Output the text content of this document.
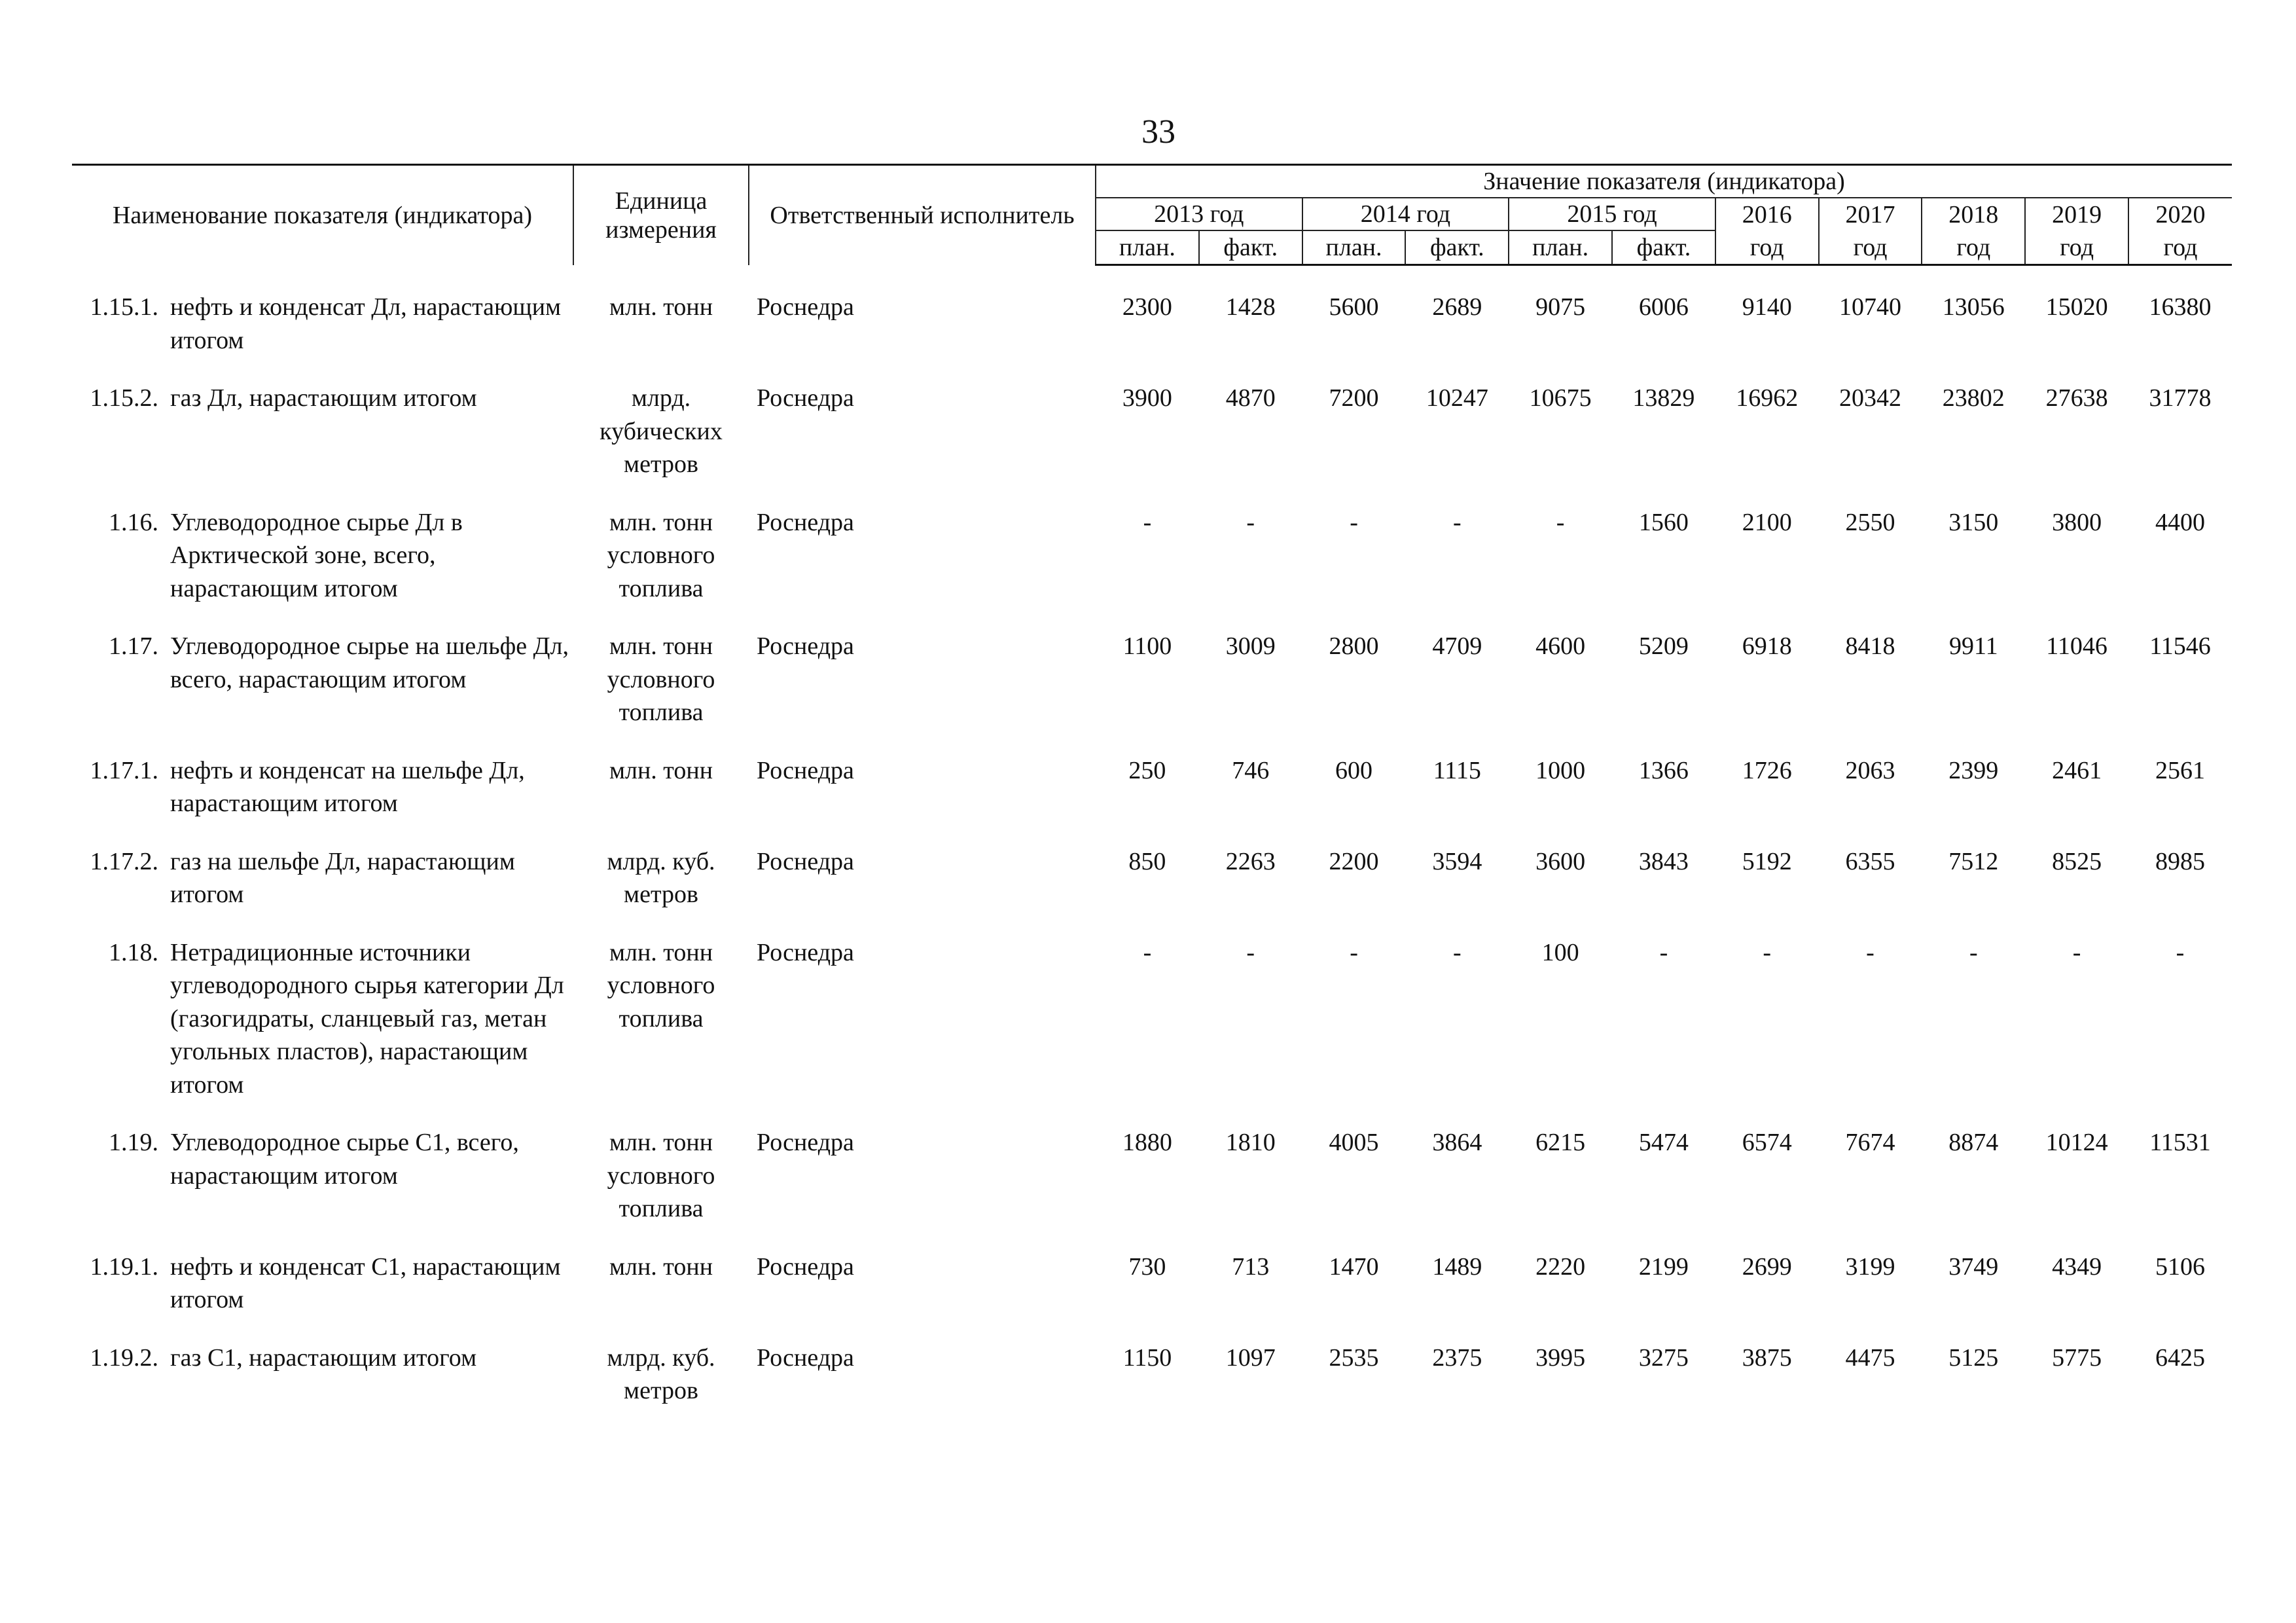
33
Наименование показателя (индикатора)		Единица измерения	Ответственный исполнитель	Значение показателя (индикатора)										
				2013 год		2014 год		2015 год		2016	2017	2018	2019	2020
				план.	факт.	план.	факт.	план.	факт.	год	год	год	год	год

1.15.1.	нефть и конденсат Дл, нарастающим итогом	млн. тонн	Роснедра	2300	1428	5600	2689	9075	6006	9140	10740	13056	15020	16380

1.15.2.	газ Дл, нарастающим итогом	млрд. кубических метров	Роснедра	3900	4870	7200	10247	10675	13829	16962	20342	23802	27638	31778

1.16.	Углеводородное сырье Дл в Арктической зоне, всего, нарастающим итогом	млн. тонн условного топлива	Роснедра	-	-	-	-	-	1560	2100	2550	3150	3800	4400

1.17.	Углеводородное сырье на шельфе Дл, всего, нарастающим итогом	млн. тонн условного топлива	Роснедра	1100	3009	2800	4709	4600	5209	6918	8418	9911	11046	11546

1.17.1.	нефть и конденсат на шельфе Дл, нарастающим итогом	млн. тонн	Роснедра	250	746	600	1115	1000	1366	1726	2063	2399	2461	2561

1.17.2.	газ на шельфе Дл, нарастающим итогом	млрд. куб. метров	Роснедра	850	2263	2200	3594	3600	3843	5192	6355	7512	8525	8985

1.18.	Нетрадиционные источники углеводородного сырья категории Дл (газогидраты, сланцевый газ, метан угольных пластов), нарастающим итогом	млн. тонн условного топлива	Роснедра	-	-	-	-	100	-	-	-	-	-	-

1.19.	Углеводородное сырье С1, всего, нарастающим итогом	млн. тонн условного топлива	Роснедра	1880	1810	4005	3864	6215	5474	6574	7674	8874	10124	11531

1.19.1.	нефть и конденсат С1, нарастающим итогом	млн. тонн	Роснедра	730	713	1470	1489	2220	2199	2699	3199	3749	4349	5106

1.19.2.	газ С1, нарастающим итогом	млрд. куб. метров	Роснедра	1150	1097	2535	2375	3995	3275	3875	4475	5125	5775	6425
